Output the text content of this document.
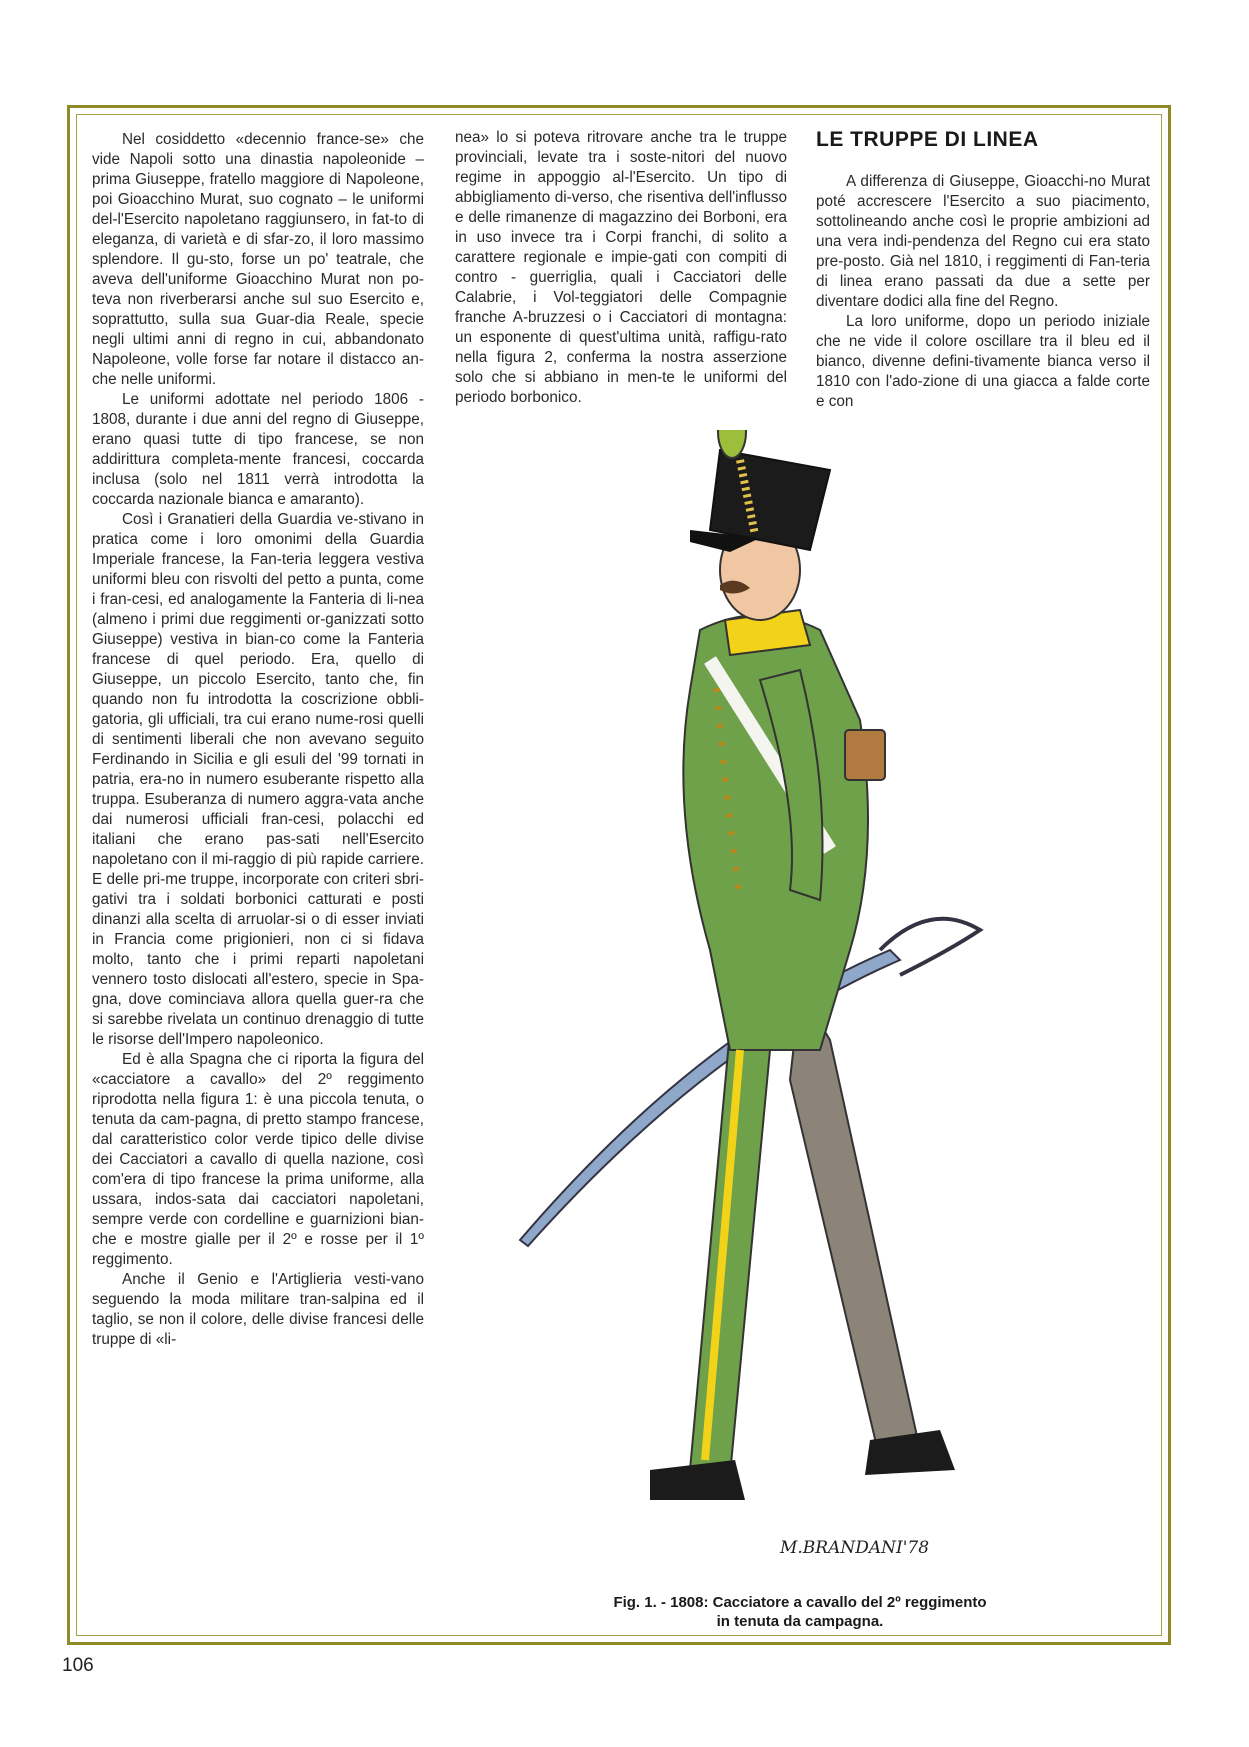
Nel cosiddetto «decennio france-se» che vide Napoli sotto una dinastia napoleonide – prima Giuseppe, fratello maggiore di Napoleone, poi Gioacchino Murat, suo cognato – le uniformi del-l'Esercito napoletano raggiunsero, in fat-to di eleganza, di varietà e di sfar-zo, il loro massimo splendore. Il gu-sto, forse un po' teatrale, che aveva dell'uniforme Gioacchino Murat non po-teva non riverberarsi anche sul suo Esercito e, soprattutto, sulla sua Guar-dia Reale, specie negli ultimi anni di regno in cui, abbandonato Napoleone, volle forse far notare il distacco an-che nelle uniformi.

Le uniformi adottate nel periodo 1806 - 1808, durante i due anni del regno di Giuseppe, erano quasi tutte di tipo francese, se non addirittura completa-mente francesi, coccarda inclusa (solo nel 1811 verrà introdotta la coccarda nazionale bianca e amaranto).

Così i Granatieri della Guardia ve-stivano in pratica come i loro omonimi della Guardia Imperiale francese, la Fan-teria leggera vestiva uniformi bleu con risvolti del petto a punta, come i fran-cesi, ed analogamente la Fanteria di li-nea (almeno i primi due reggimenti or-ganizzati sotto Giuseppe) vestiva in bian-co come la Fanteria francese di quel periodo. Era, quello di Giuseppe, un piccolo Esercito, tanto che, fin quando non fu introdotta la coscrizione obbli-gatoria, gli ufficiali, tra cui erano nume-rosi quelli di sentimenti liberali che non avevano seguito Ferdinando in Sicilia e gli esuli del '99 tornati in patria, era-no in numero esuberante rispetto alla truppa. Esuberanza di numero aggra-vata anche dai numerosi ufficiali fran-cesi, polacchi ed italiani che erano pas-sati nell'Esercito napoletano con il mi-raggio di più rapide carriere. E delle pri-me truppe, incorporate con criteri sbri-gativi tra i soldati borbonici catturati e posti dinanzi alla scelta di arruolar-si o di esser inviati in Francia come prigionieri, non ci si fidava molto, tanto che i primi reparti napoletani vennero tosto dislocati all'estero, specie in Spa-gna, dove cominciava allora quella guer-ra che si sarebbe rivelata un continuo drenaggio di tutte le risorse dell'Impero napoleonico.

Ed è alla Spagna che ci riporta la figura del «cacciatore a cavallo» del 2º reggimento riprodotta nella figura 1: è una piccola tenuta, o tenuta da cam-pagna, di pretto stampo francese, dal caratteristico color verde tipico delle divise dei Cacciatori a cavallo di quella nazione, così com'era di tipo francese la prima uniforme, alla ussara, indos-sata dai cacciatori napoletani, sempre verde con cordelline e guarnizioni bian-che e mostre gialle per il 2º e rosse per il 1º reggimento.

Anche il Genio e l'Artiglieria vesti-vano seguendo la moda militare tran-salpina ed il taglio, se non il colore, delle divise francesi delle truppe di «li-

nea» lo si poteva ritrovare anche tra le truppe provinciali, levate tra i soste-nitori del nuovo regime in appoggio al-l'Esercito. Un tipo di abbigliamento di-verso, che risentiva dell'influsso e delle rimanenze di magazzino dei Borboni, era in uso invece tra i Corpi franchi, di solito a carattere regionale e impie-gati con compiti di contro - guerriglia, quali i Cacciatori delle Calabrie, i Vol-teggiatori delle Compagnie franche A-bruzzesi o i Cacciatori di montagna: un esponente di quest'ultima unità, raffigu-rato nella figura 2, conferma la nostra asserzione solo che si abbiano in men-te le uniformi del periodo borbonico.

LE TRUPPE DI LINEA

A differenza di Giuseppe, Gioacchi-no Murat poté accrescere l'Esercito a suo piacimento, sottolineando anche così le proprie ambizioni ad una vera indi-pendenza del Regno cui era stato pre-posto. Già nel 1810, i reggimenti di Fan-teria di linea erano passati da due a sette per diventare dodici alla fine del Regno.

La loro uniforme, dopo un periodo iniziale che ne vide il colore oscillare tra il bleu ed il bianco, divenne defini-tivamente bianca verso il 1810 con l'ado-zione di una giacca a falde corte e con

M.BRANDANI'78
Fig. 1. - 1808: Cacciatore a cavallo del 2º reggimento
in tenuta da campagna.
106
